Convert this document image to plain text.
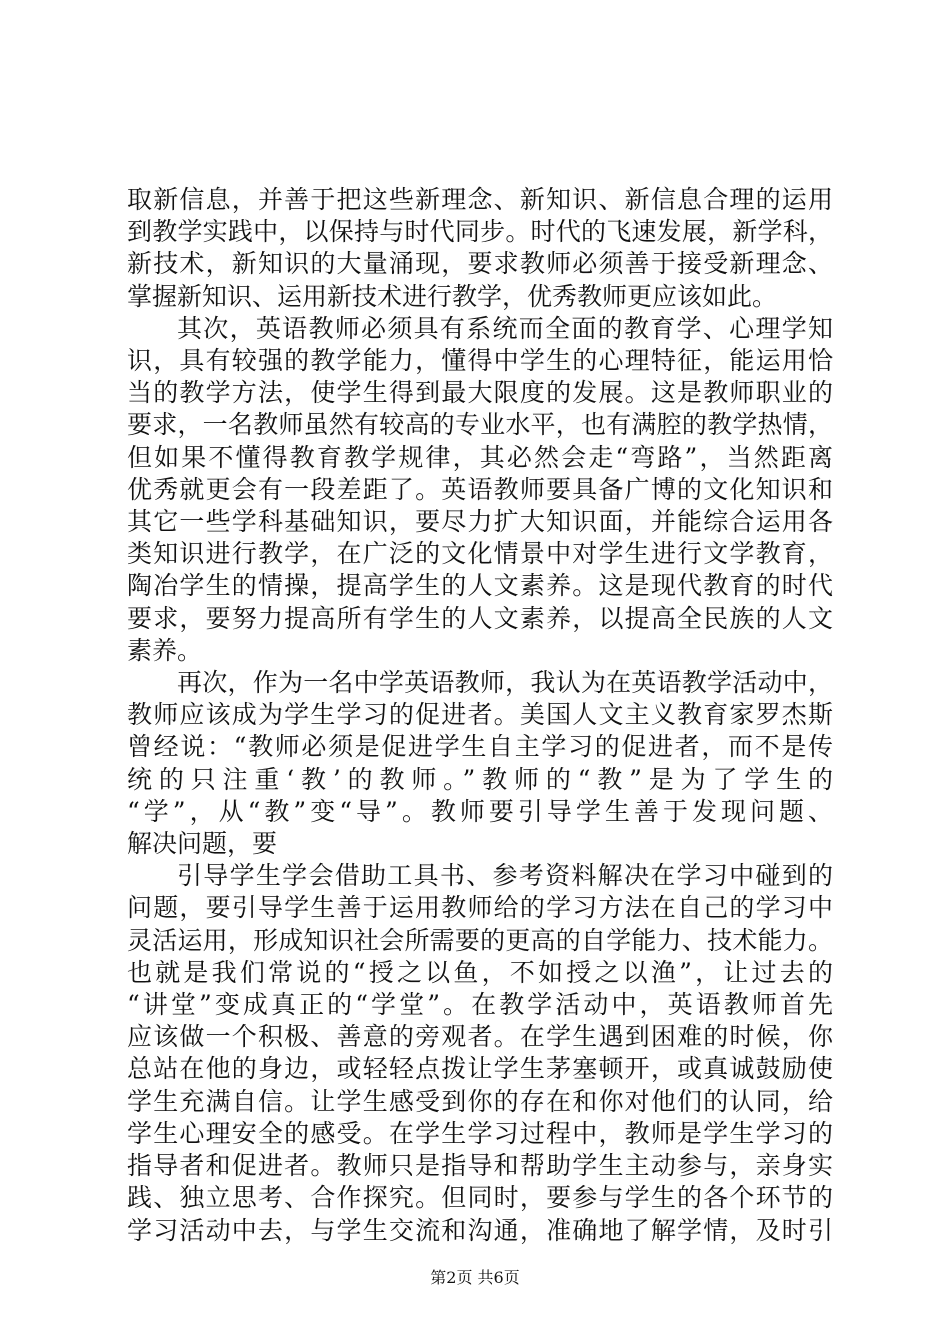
取新信息，并善于把这些新理念、新知识、新信息合理的运用
到教学实践中，以保持与时代同步。时代的飞速发展，新学科，
新技术，新知识的大量涌现，要求教师必须善于接受新理念、
掌握新知识、运用新技术进行教学，优秀教师更应该如此。
其次，英语教师必须具有系统而全面的教育学、心理学知
识，具有较强的教学能力，懂得中学生的心理特征，能运用恰
当的教学方法，使学生得到最大限度的发展。这是教师职业的
要求，一名教师虽然有较高的专业水平，也有满腔的教学热情，
但如果不懂得教育教学规律，其必然会走“弯路”，当然距离
优秀就更会有一段差距了。英语教师要具备广博的文化知识和
其它一些学科基础知识，要尽力扩大知识面，并能综合运用各
类知识进行教学，在广泛的文化情景中对学生进行文学教育，
陶冶学生的情操，提高学生的人文素养。这是现代教育的时代
要求，要努力提高所有学生的人文素养，以提高全民族的人文
素养。
再次，作为一名中学英语教师，我认为在英语教学活动中，
教师应该成为学生学习的促进者。美国人文主义教育家罗杰斯
曾经说：“教师必须是促进学生自主学习的促进者，而不是传
统的只注重‘教’的教师。”教师的“教”是为了学生的
“学”，从“教”变“导”。教师要引导学生善于发现问题、
解决问题，要
引导学生学会借助工具书、参考资料解决在学习中碰到的
问题，要引导学生善于运用教师给的学习方法在自己的学习中
灵活运用，形成知识社会所需要的更高的自学能力、技术能力。
也就是我们常说的“授之以鱼，不如授之以渔”，让过去的
“讲堂”变成真正的“学堂”。在教学活动中，英语教师首先
应该做一个积极、善意的旁观者。在学生遇到困难的时候，你
总站在他的身边，或轻轻点拨让学生茅塞顿开，或真诚鼓励使
学生充满自信。让学生感受到你的存在和你对他们的认同，给
学生心理安全的感受。在学生学习过程中，教师是学生学习的
指导者和促进者。教师只是指导和帮助学生主动参与，亲身实
践、独立思考、合作探究。但同时，要参与学生的各个环节的
学习活动中去，与学生交流和沟通，准确地了解学情，及时引
第2页 共6页
